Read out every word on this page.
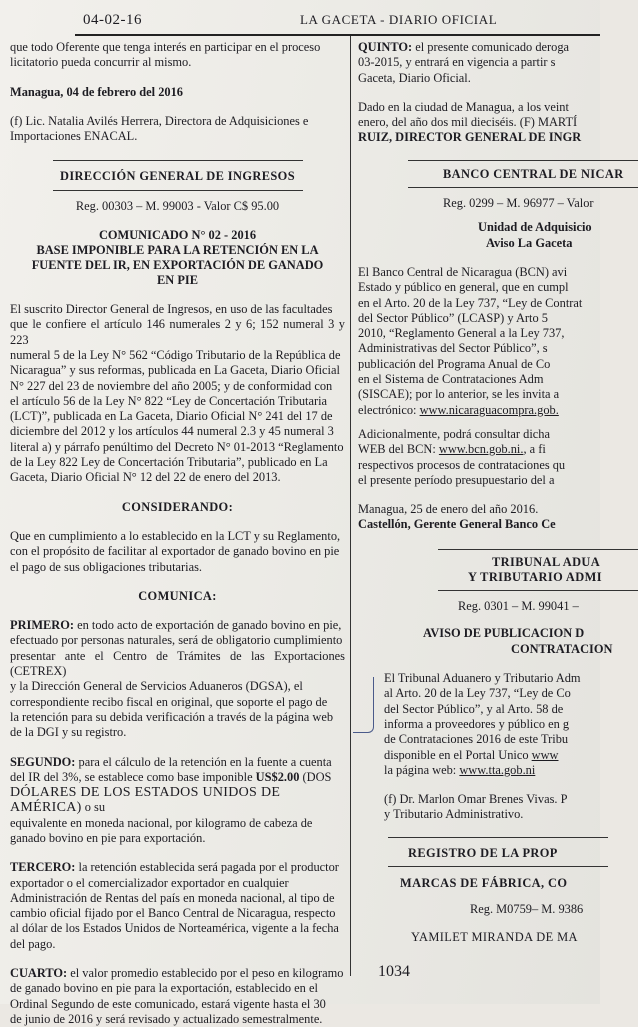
04-02-16	LA GACETA - DIARIO OFICIAL

que todo Oferente que tenga interés en participar en el proceso
licitatorio pueda concurrir al mismo.

Managua, 04 de febrero del 2016

(f) Lic. Natalia Avilés Herrera, Directora de Adquisiciones e
Importaciones ENACAL.

DIRECCIÓN GENERAL DE INGRESOS

Reg. 00303 – M. 99003 - Valor C$ 95.00

COMUNICADO N° 02 - 2016
BASE IMPONIBLE PARA LA RETENCIÓN EN LA
FUENTE DEL IR, EN EXPORTACIÓN DE GANADO
EN PIE

El suscrito Director General de Ingresos, en uso de las facultades
que le confiere el artículo 146 numerales 2 y 6; 152 numeral 3 y 223
numeral 5 de la Ley N° 562 “Código Tributario de la República de
Nicaragua” y sus reformas, publicada en La Gaceta, Diario Oficial
N° 227 del 23 de noviembre del año 2005; y de conformidad con
el artículo 56 de la Ley N° 822 “Ley de Concertación Tributaria
(LCT)”, publicada en La Gaceta, Diario Oficial N° 241 del 17 de
diciembre del 2012 y los artículos 44 numeral 2.3 y 45 numeral 3
literal a) y párrafo penúltimo del Decreto N° 01-2013 “Reglamento
de la Ley 822 Ley de Concertación Tributaria”, publicado en La
Gaceta, Diario Oficial N° 12 del 22 de enero del 2013.

CONSIDERANDO:

Que en cumplimiento a lo establecido en la LCT y su Reglamento,
con el propósito de facilitar al exportador de ganado bovino en pie
el pago de sus obligaciones tributarias.

COMUNICA:

PRIMERO: en todo acto de exportación de ganado bovino en pie,
efectuado por personas naturales, será de obligatorio cumplimiento
presentar ante el Centro de Trámites de las Exportaciones (CETREX)
y la Dirección General de Servicios Aduaneros (DGSA), el
correspondiente recibo fiscal en original, que soporte el pago de
la retención para su debida verificación a través de la página web
de la DGI y su registro.

SEGUNDO: para el cálculo de la retención en la fuente a cuenta
del IR del 3%, se establece como base imponible US$2.00 (DOS
DÓLARES DE LOS ESTADOS UNIDOS DE AMÉRICA) o su
equivalente en moneda nacional, por kilogramo de cabeza de
ganado bovino en pie para exportación.

TERCERO: la retención establecida será pagada por el productor
exportador o el comercializador exportador en cualquier
Administración de Rentas del país en moneda nacional, al tipo de
cambio oficial fijado por el Banco Central de Nicaragua, respecto
al dólar de los Estados Unidos de Norteamérica, vigente a la fecha
del pago.

CUARTO: el valor promedio establecido por el peso en kilogramo
de ganado bovino en pie para la exportación, establecido en el
Ordinal Segundo de este comunicado, estará vigente hasta el 30
de junio de 2016 y será revisado y actualizado semestralmente.

QUINTO: el presente comunicado deroga
03-2015, y entrará en vigencia a partir s
Gaceta, Diario Oficial.

Dado en la ciudad de Managua, a los veint
enero, del año dos mil dieciséis. (F) MARTÍ
RUIZ, DIRECTOR GENERAL DE INGR

BANCO CENTRAL DE NICAR

Reg. 0299 – M. 96977 – Valor

Unidad de Adquisicio
Aviso La Gaceta

El Banco Central de Nicaragua (BCN) avi
Estado y público en general, que en cumpl
en el Arto. 20 de la Ley 737, “Ley de Contrat
del Sector Público” (LCASP) y Arto 5
2010, “Reglamento General a la Ley 737,
Administrativas del Sector Público”, s
publicación del Programa Anual de Co
en el Sistema de Contrataciones Adm
(SISCAE); por lo anterior, se les invita a
electrónico: www.nicaraguacompra.gob.

Adicionalmente, podrá consultar dicha
WEB del BCN: www.bcn.gob.ni., a fi
respectivos procesos de contrataciones qu
el presente período presupuestario del a

Managua, 25 de enero del año 2016.
Castellón, Gerente General Banco Ce

TRIBUNAL ADUA
Y TRIBUTARIO ADMI

Reg. 0301 – M. 99041 –

AVISO DE PUBLICACION D
CONTRATACION

El Tribunal Aduanero y Tributario Adm
al Arto. 20 de la Ley 737, “Ley de Co
del Sector Público”, y al Arto. 58 de
informa a proveedores y público en g
de Contrataciones 2016 de este Tribu
disponible en el Portal Unico www
la página web: www.tta.gob.ni

(f) Dr. Marlon Omar Brenes Vivas. P
y Tributario Administrativo.

REGISTRO DE LA PROP

MARCAS DE FÁBRICA, CO

Reg. M0759– M. 9386

YAMILET MIRANDA DE MA

1034
